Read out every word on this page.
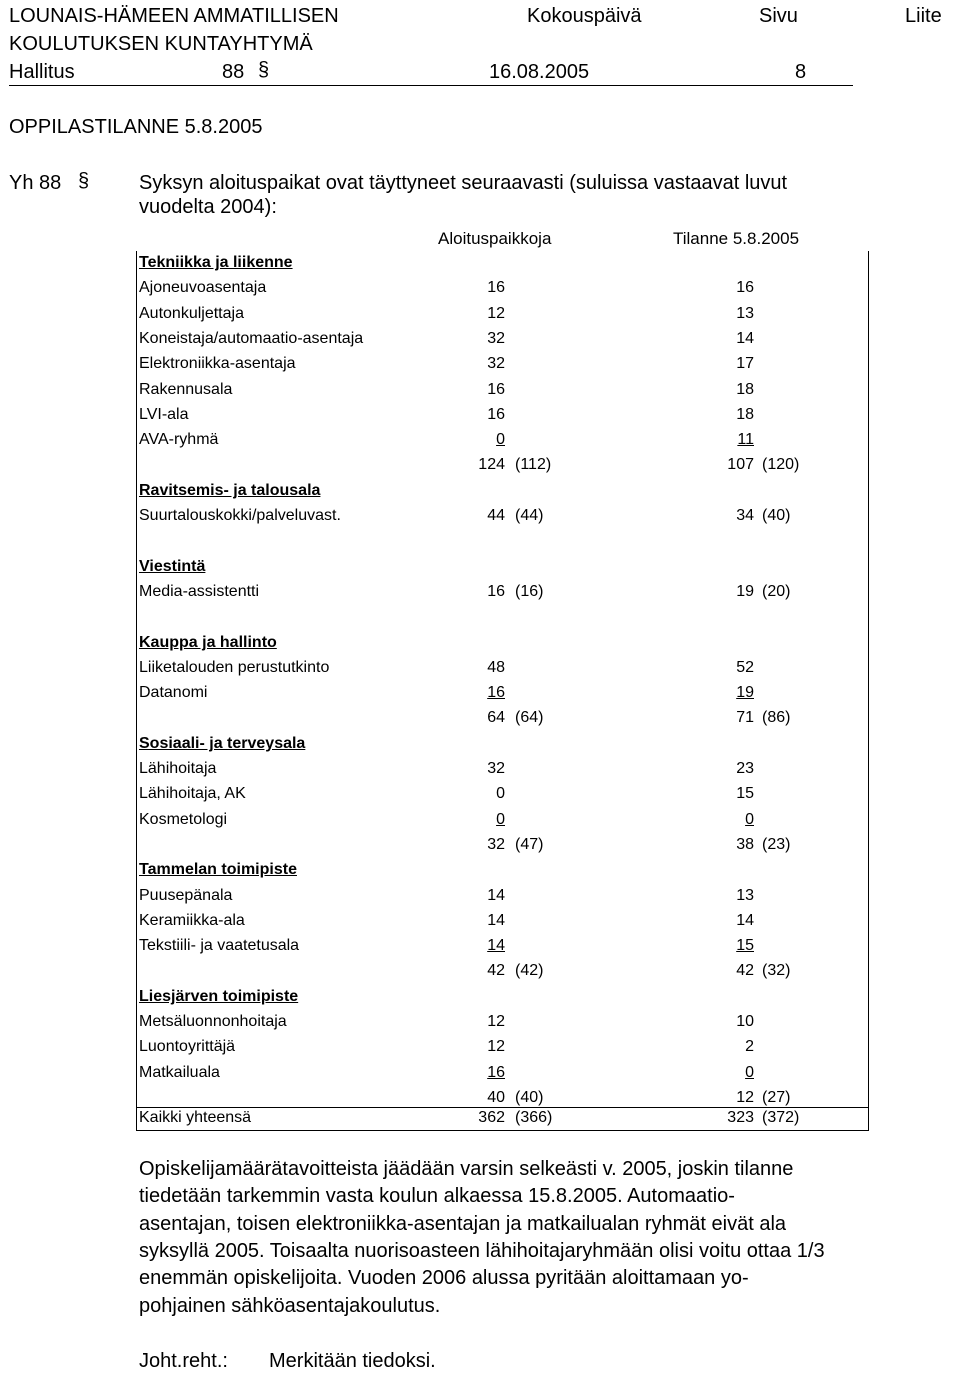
LOUNAIS-HÄMEEN AMMATILLISEN
KOULUTUKSEN KUNTAYHTYMÄ
Kokouspäivä	Sivu	Liite
Hallitus	88 §	16.08.2005	8
OPPILASTILANNE 5.8.2005
Yh 88 § Syksyn aloituspaikat ovat täyttyneet seuraavasti (suluissa vastaavat luvut
vuodelta 2004):
Aloituspaikkoja	Tilanne 5.8.2005
Tekniikka ja liikenne
Ajoneuvoasentaja	16	16
Autonkuljettaja	12	13
Koneistaja/automaatio-asentaja	32	14
Elektroniikka-asentaja	32	17
Rakennusala	16	18
LVI-ala	16	18
AVA-ryhmä	0	11
124 (112)	107 (120)
Ravitsemis- ja talousala
Suurtalouskokki/palveluvast.	44 (44)	34 (40)
Viestintä
Media-assistentti	16 (16)	19 (20)
Kauppa ja hallinto
Liiketalouden perustutkinto	48	52
Datanomi	16	19
64 (64)	71 (86)
Sosiaali- ja terveysala
Lähihoitaja	32	23
Lähihoitaja, AK	0	15
Kosmetologi	0	0
32 (47)	38 (23)
Tammelan toimipiste
Puusepänala	14	13
Keramiikka-ala	14	14
Tekstiili- ja vaatetusala	14	15
42 (42)	42 (32)
Liesjärven toimipiste
Metsäluonnonhoitaja	12	10
Luontoyrittäjä	12	2
Matkailuala	16	0
40 (40)	12 (27)
Kaikki yhteensä	362 (366)	323 (372)
Opiskelijamäärätavoitteista jäädään varsin selkeästi v. 2005, joskin tilanne
tiedetään tarkemmin vasta koulun alkaessa 15.8.2005. Automaatio-
asentajan, toisen elektroniikka-asentajan ja matkailualan ryhmät eivät ala
syksyllä 2005. Toisaalta nuorisoasteen lähihoitajaryhmään olisi voitu ottaa 1/3
enemmän opiskelijoita. Vuoden 2006 alussa pyritään aloittamaan yo-
pohjainen sähköasentajakoulutus.
Joht.reht.: Merkitään tiedoksi.
